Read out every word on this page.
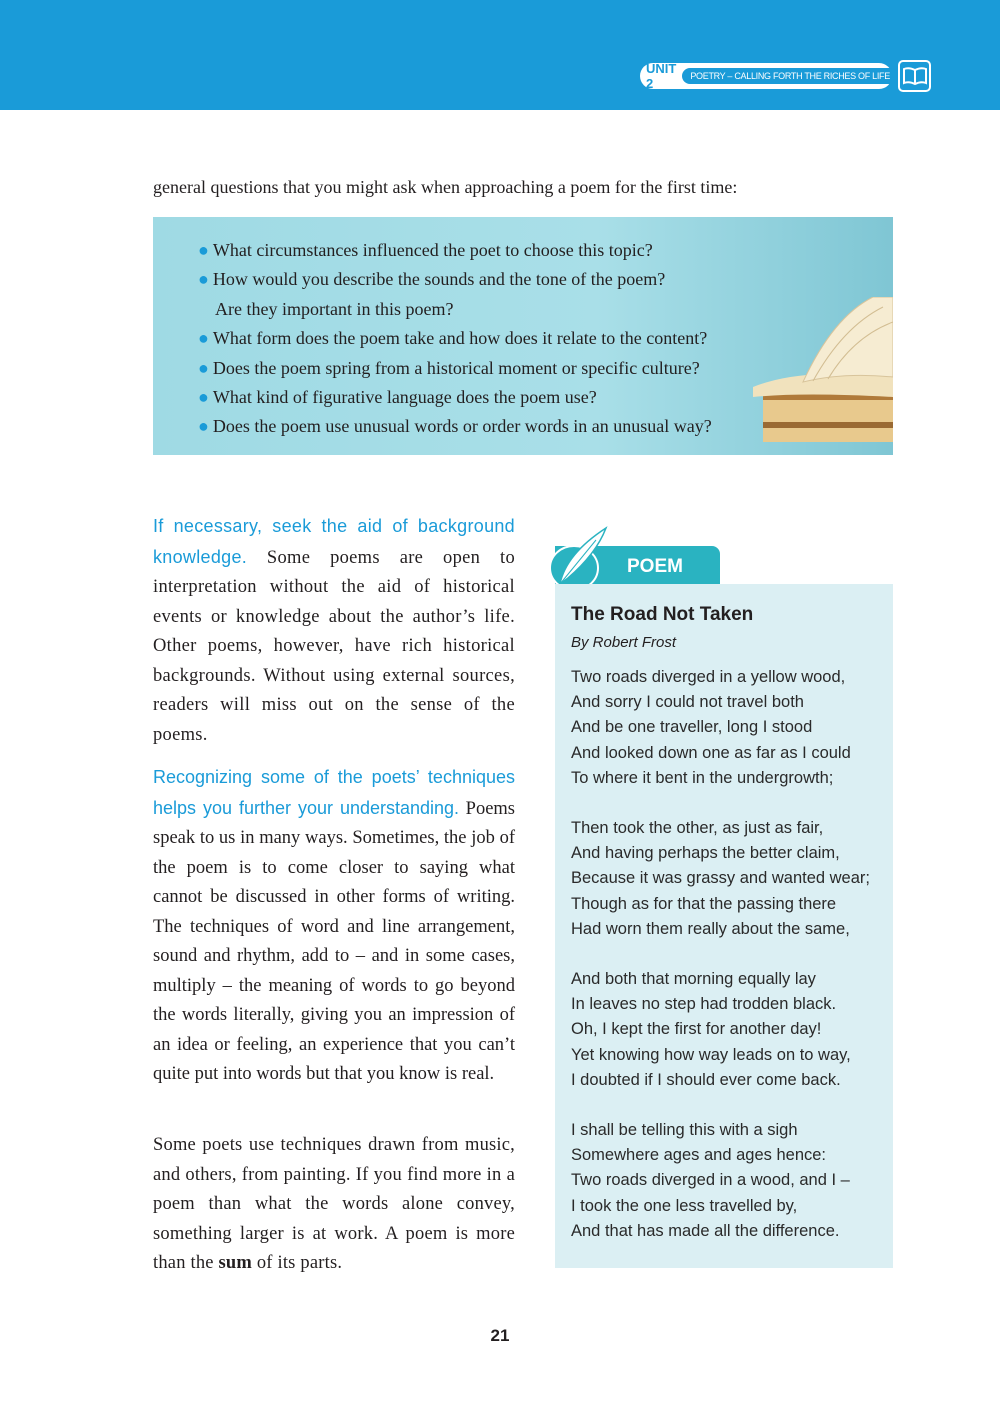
UNIT 2	POETRY – CALLING FORTH THE RICHES OF LIFE
general questions that you might ask when approaching a poem for the first time:
● What circumstances influenced the poet to choose this topic?
● How would you describe the sounds and the tone of the poem?
Are they important in this poem?
● What form does the poem take and how does it relate to the content?
● Does the poem spring from a historical moment or specific culture?
● What kind of figurative language does the poem use?
● Does the poem use unusual words or order words in an unusual way?

If necessary, seek the aid of background knowledge. Some poems are open to interpretation without the aid of historical events or knowledge about the author’s life. Other poems, however, have rich historical backgrounds. Without using external sources, readers will miss out on the sense of the poems.

Recognizing some of the poets’ techniques helps you further your understanding. Poems speak to us in many ways. Sometimes, the job of the poem is to come closer to saying what cannot be discussed in other forms of writing. The techniques of word and line arrangement, sound and rhythm, add to – and in some cases, multiply – the meaning of words to go beyond the words literally, giving you an impression of an idea or feeling, an experience that you can’t quite put into words but that you know is real.

Some poets use techniques drawn from music, and others, from painting. If you find more in a poem than what the words alone convey, something larger is at work. A poem is more than the sum of its parts.

POEM
The Road Not Taken
By Robert Frost
Two roads diverged in a yellow wood,
And sorry I could not travel both
And be one traveller, long I stood
And looked down one as far as I could
To where it bent in the undergrowth;
Then took the other, as just as fair,
And having perhaps the better claim,
Because it was grassy and wanted wear;
Though as for that the passing there
Had worn them really about the same,
And both that morning equally lay
In leaves no step had trodden black.
Oh, I kept the first for another day!
Yet knowing how way leads on to way,
I doubted if I should ever come back.
I shall be telling this with a sigh
Somewhere ages and ages hence:
Two roads diverged in a wood, and I –
I took the one less travelled by,
And that has made all the difference.
21
